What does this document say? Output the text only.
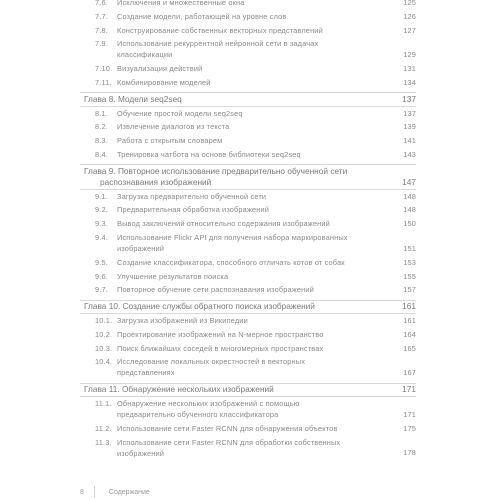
7.6.	Исключения и множественные окна	125
7.7.	Создание модели, работающей на уровне слов	126
7.8.	Конструирование собственных векторных представлений	127
7.9.	Использование рекуррентной нейронной сети в задачах
классификации	129
7.10. Визуализация действий	131
7.11. Комбинирование моделей	134
Глава 8. Модели seq2seq	137
8.1.	Обучение простой модели seq2seq	137
8.2.	Извлечение диалогов из текста	139
8.3.	Работа с открытым словарем	141
8.4.	Тренировка чатбота на основе библиотеки seq2seq	143
Глава 9. Повторное использование предварительно обученной сети
распознавания изображений	147
9.1.	Загрузка предварительно обученной сети	148
9.2.	Предварительная обработка изображений	148
9.3.	Вывод заключений относительно содержания изображений	150
9.4.	Использование Flickr API для получения набора маркированных
изображений	151
9.5.	Создание классификатора, способного отличать котов от собак	153
9.6.	Улучшение результатов поиска	155
9.7.	Повторное обучение сети распознавания изображений	157
Глава 10. Создание службы обратного поиска изображений	161
10.1. Загрузка изображений из Википедии	161
10.2. Проектирование изображений на N-мерное пространство	164
10.3. Поиск ближайших соседей в многомерных пространствах	165
10.4. Исследование локальных окрестностей в векторных
представлениях	167
Глава 11. Обнаружение нескольких изображений	171
11.1. Обнаружение нескольких изображений с помощью
предварительно обученного классификатора	171
11.2. Использование сети Faster RCNN для обнаружения объектов	175
11.3. Использование сети Faster RCNN для обработки собственных
изображений	178
8	Содержание
